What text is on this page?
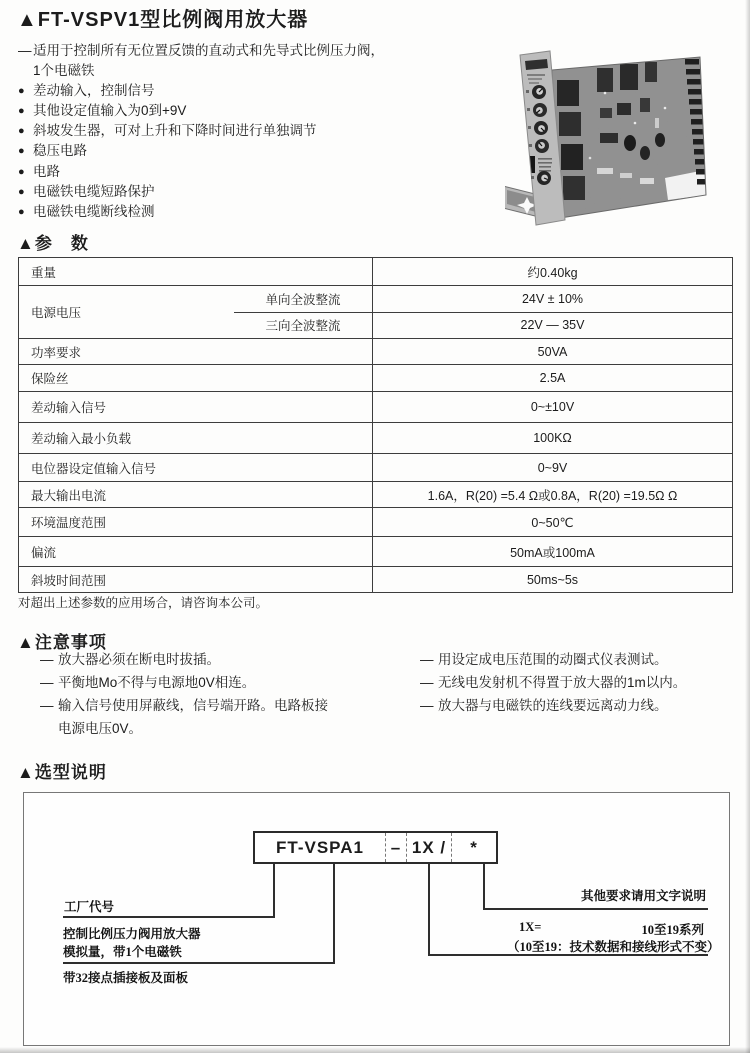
▲FT-VSPV1型比例阀用放大器
— 适用于控制所有无位置反馈的直动式和先导式比例压力阀，
1个电磁铁
● 差动输入，控制信号
● 其他设定值输入为0到+9V
● 斜坡发生器，可对上升和下降时间进行单独调节
● 稳压电路
● 电路
● 电磁铁电缆短路保护
● 电磁铁电缆断线检测
▲参　数
重量	约0.40kg
电源电压
单向全波整流	24V ± 10%
三向全波整流	22V — 35V
功率要求	50VA
保险丝	2.5A
差动输入信号	0~±10V
差动输入最小负载	100KΩ
电位器设定值输入信号	0~9V
最大输出电流	1.6A，R(20) =5.4 Ω或0.8A，R(20) =19.5Ω Ω
环境温度范围	0~50℃
偏流	50mA或100mA
斜坡时间范围	50ms~5s
对超出上述参数的应用场合，请咨询本公司。
▲注意事项
— 放大器必须在断电时拔插。
— 平衡地Mo不得与电源地0V相连。
— 输入信号使用屏蔽线，信号端开路。电路板接
电源电压0V。
— 用设定成电压范围的动圈式仪表测试。
— 无线电发射机不得置于放大器的1m以内。
— 放大器与电磁铁的连线要远离动力线。
▲选型说明
FT-VSPA1	– 1X /	*
工厂代号
控制比例压力阀用放大器
模拟量，带1个电磁铁
带32接点插接板及面板
其他要求请用文字说明
1X=	10至19系列
（10至19：技术数据和接线形式不变）
